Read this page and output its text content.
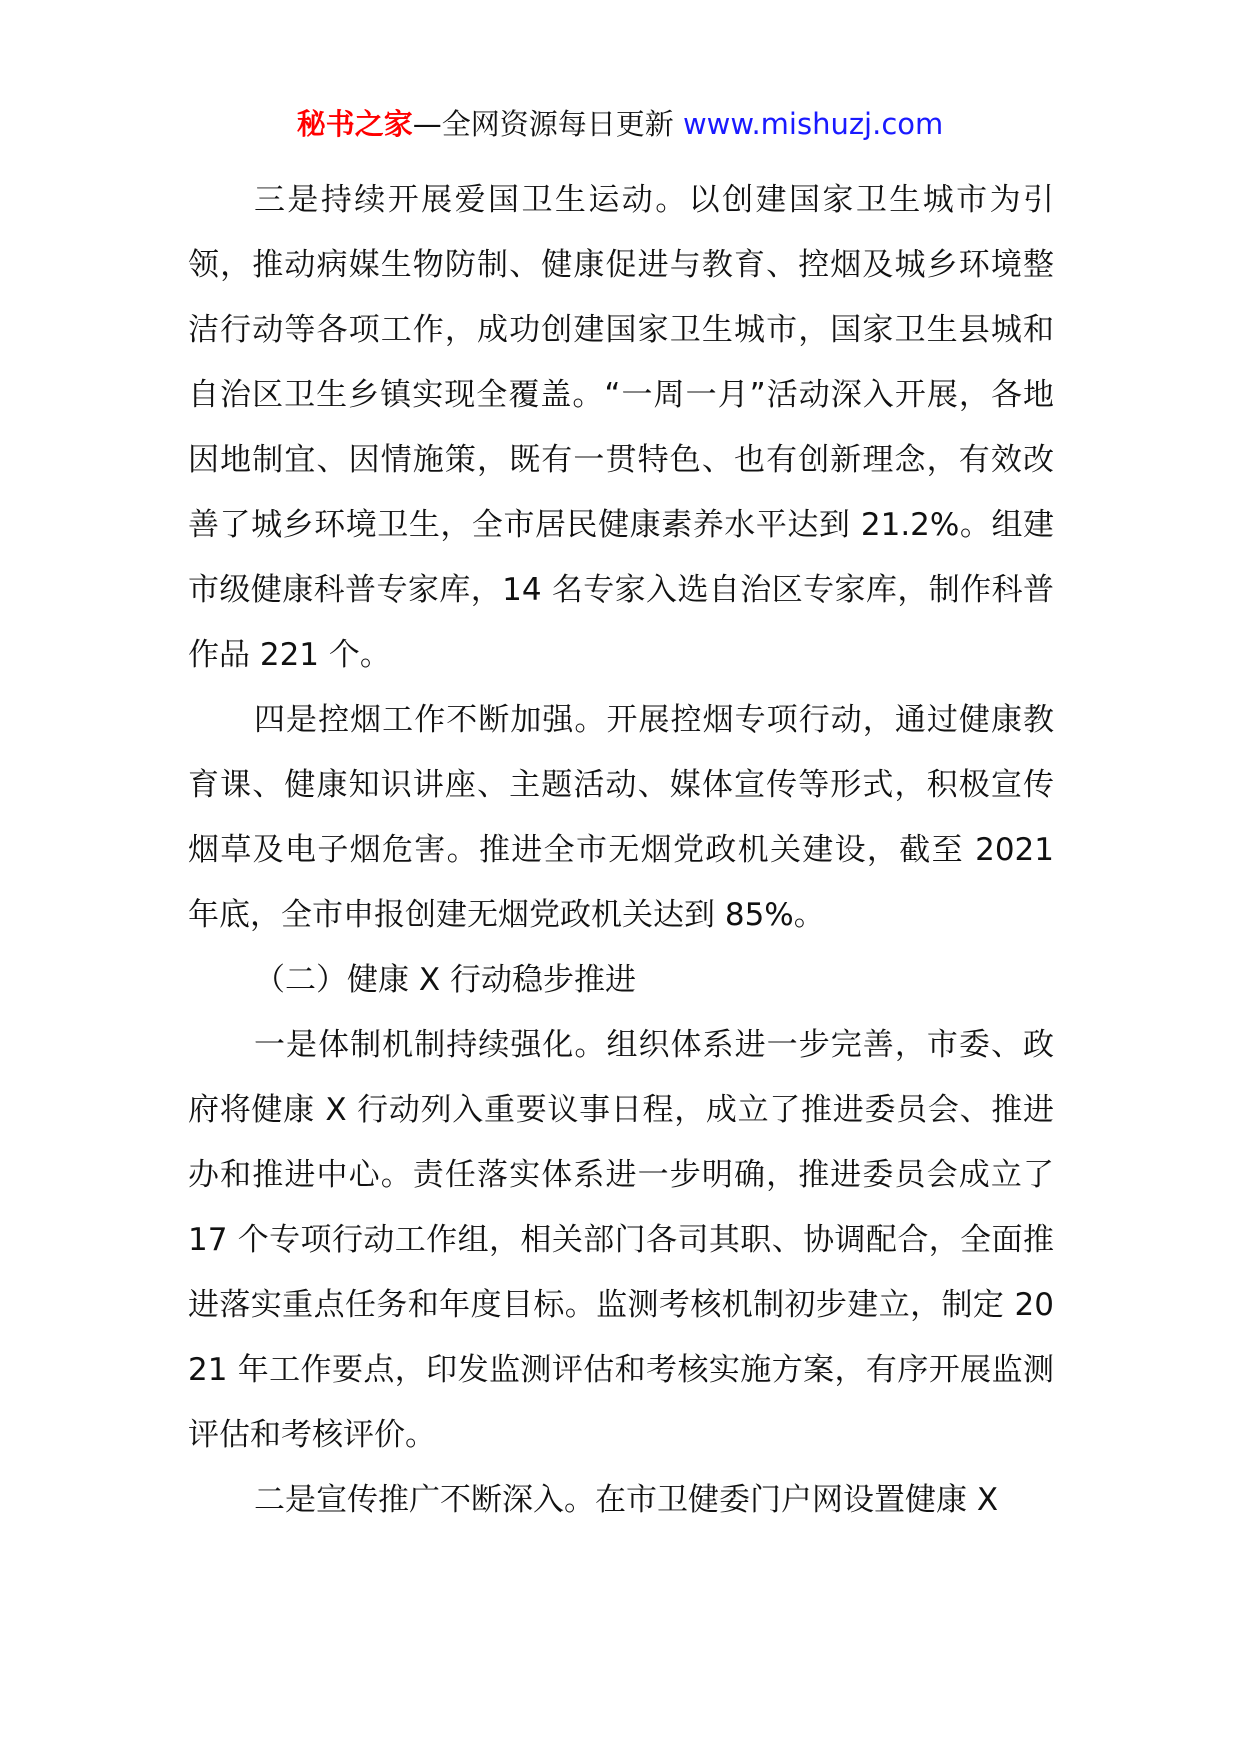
秘书之家—全网资源每日更新 www.mishuzj.com

三是持续开展爱国卫生运动。以创建国家卫生城市为引领，推动病媒生物防制、健康促进与教育、控烟及城乡环境整洁行动等各项工作，成功创建国家卫生城市，国家卫生县城和自治区卫生乡镇实现全覆盖。“一周一月”活动深入开展，各地因地制宜、因情施策，既有一贯特色、也有创新理念，有效改善了城乡环境卫生，全市居民健康素养水平达到 21.2%。组建市级健康科普专家库，14 名专家入选自治区专家库，制作科普作品 221 个。

四是控烟工作不断加强。开展控烟专项行动，通过健康教育课、健康知识讲座、主题活动、媒体宣传等形式，积极宣传烟草及电子烟危害。推进全市无烟党政机关建设，截至 2021 年底，全市申报创建无烟党政机关达到 85%。

（二）健康 X 行动稳步推进

一是体制机制持续强化。组织体系进一步完善，市委、政府将健康 X 行动列入重要议事日程，成立了推进委员会、推进办和推进中心。责任落实体系进一步明确，推进委员会成立了 17 个专项行动工作组，相关部门各司其职、协调配合，全面推进落实重点任务和年度目标。监测考核机制初步建立，制定 2021 年工作要点，印发监测评估和考核实施方案，有序开展监测评估和考核评价。

二是宣传推广不断深入。在市卫健委门户网设置健康 X
